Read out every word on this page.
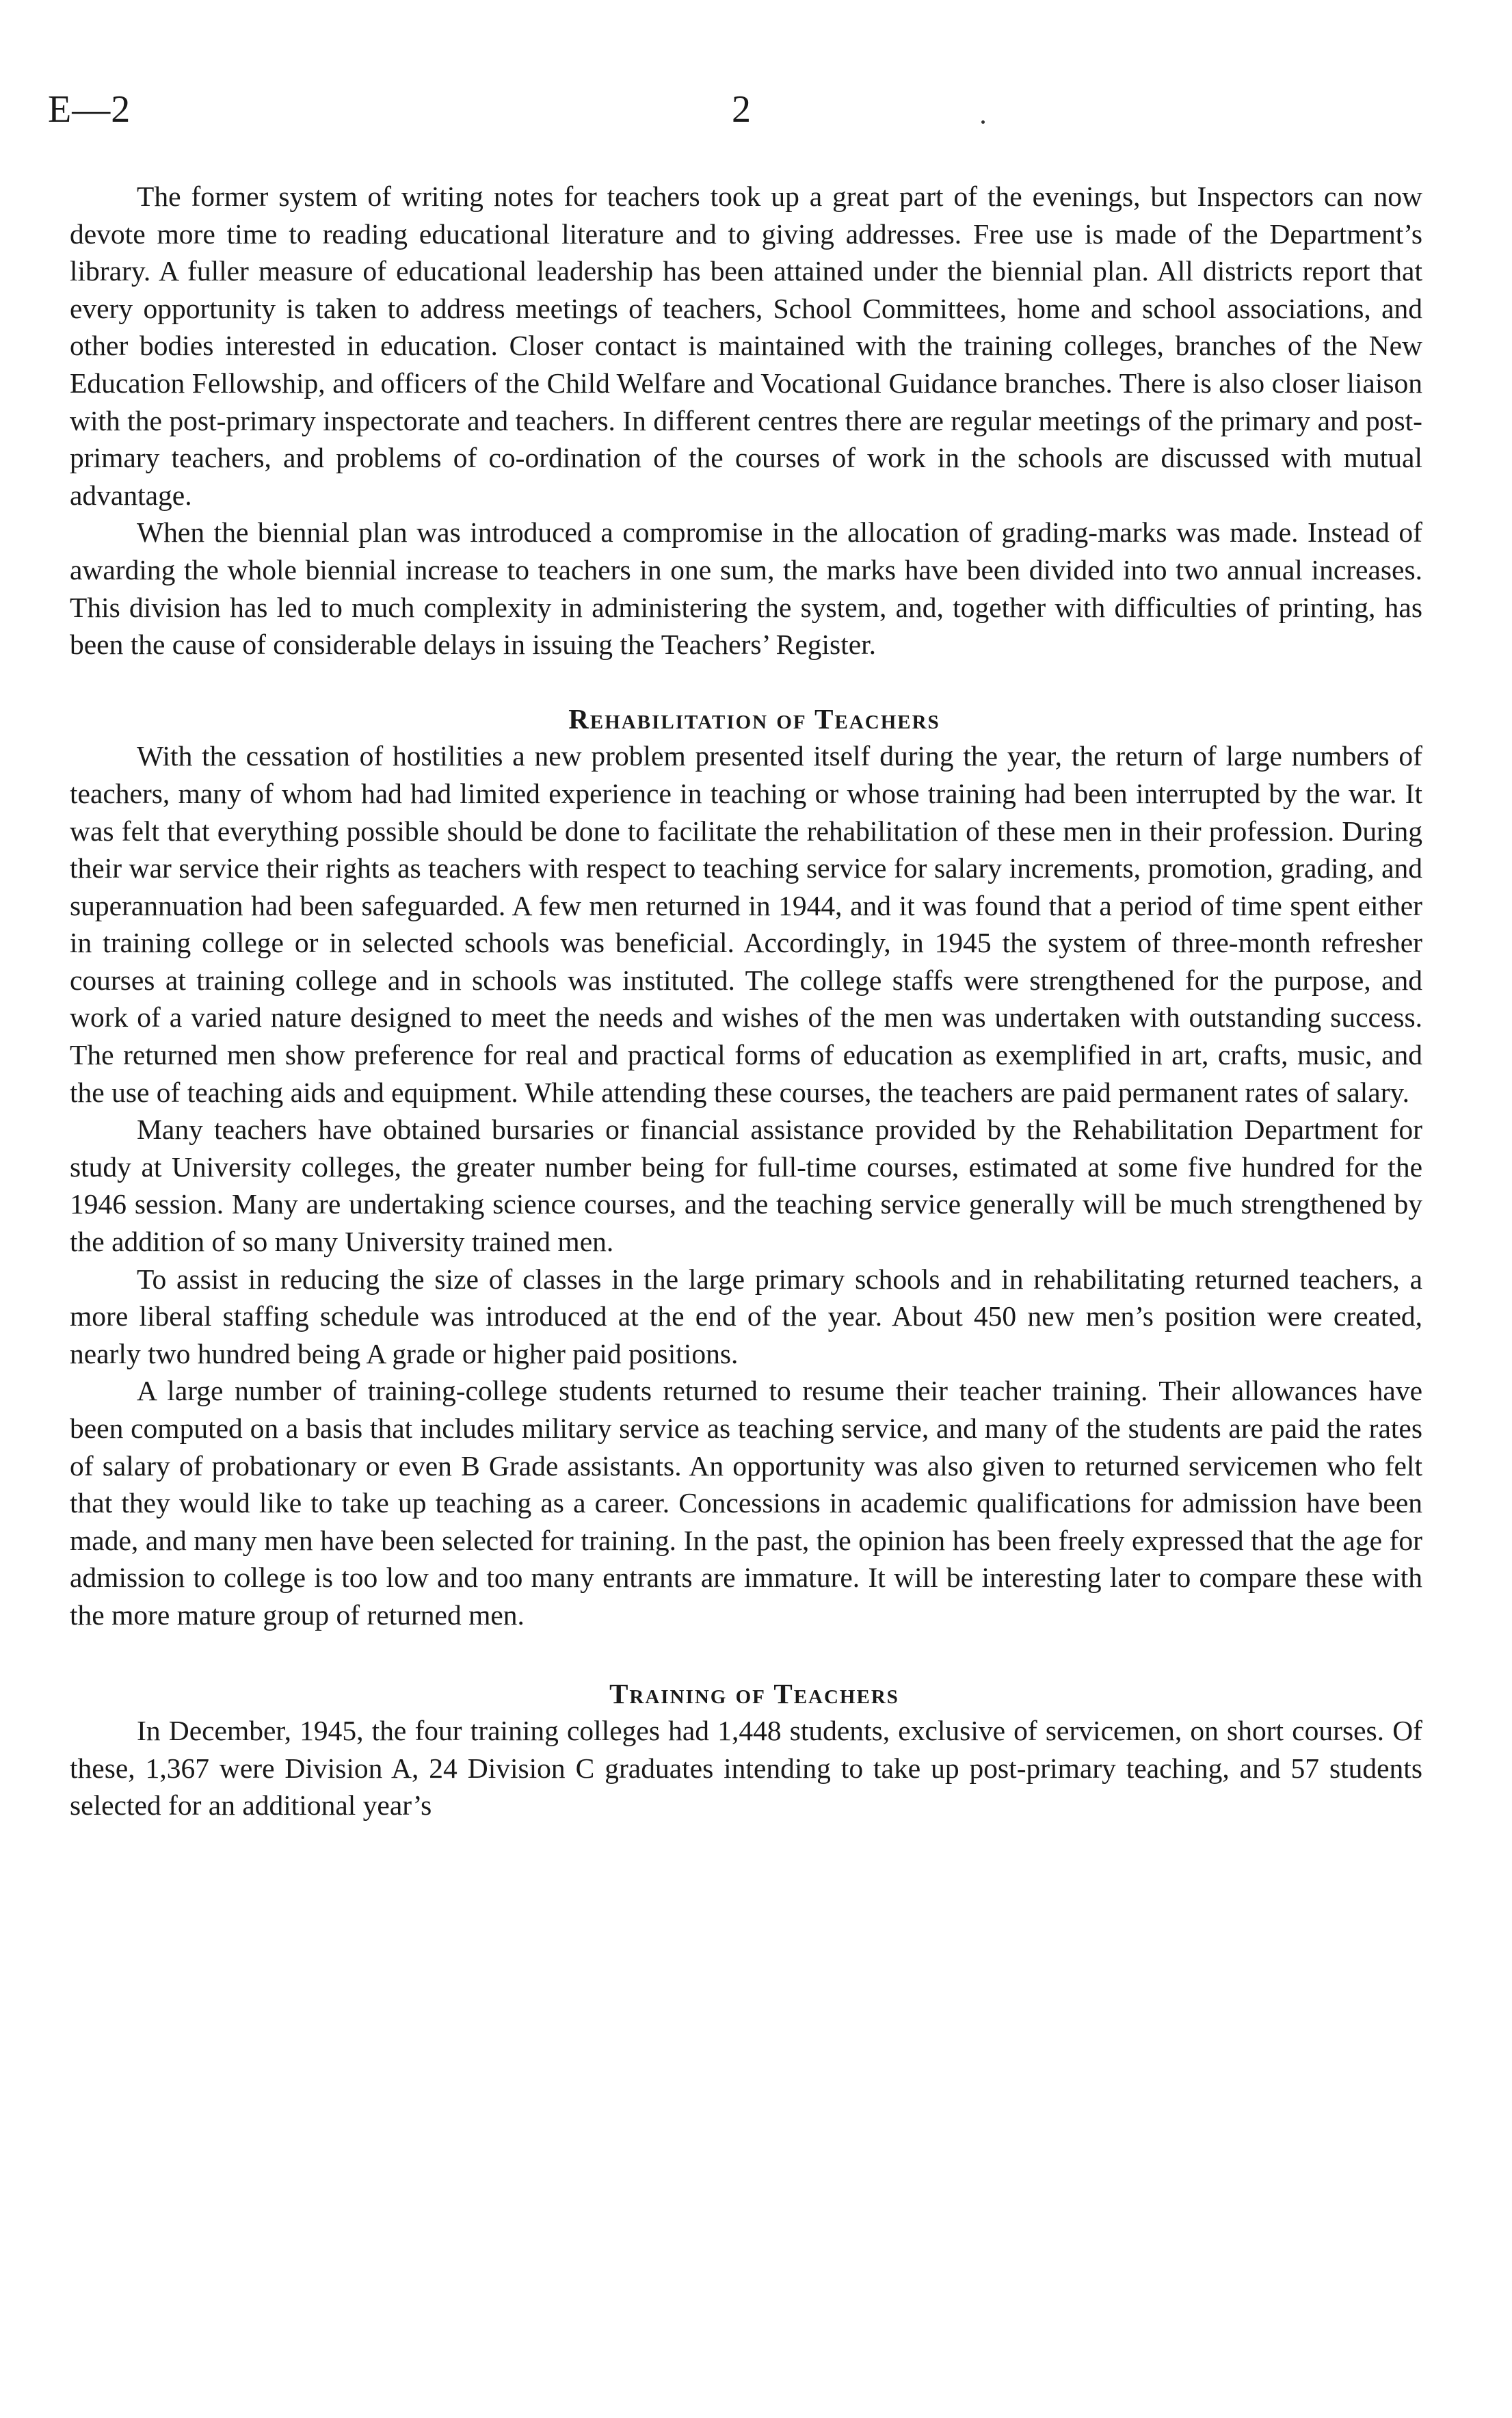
E—2	2

The former system of writing notes for teachers took up a great part of the evenings, but Inspectors can now devote more time to reading educational literature and to giving addresses. Free use is made of the Department’s library. A fuller measure of educational leadership has been attained under the biennial plan. All districts report that every opportunity is taken to address meetings of teachers, School Committees, home and school associations, and other bodies interested in education. Closer contact is maintained with the training colleges, branches of the New Education Fellowship, and officers of the Child Welfare and Vocational Guidance branches. There is also closer liaison with the post-primary inspectorate and teachers. In different centres there are regular meetings of the primary and post-primary teachers, and problems of co-ordination of the courses of work in the schools are discussed with mutual advantage.

When the biennial plan was introduced a compromise in the allocation of grading-marks was made. Instead of awarding the whole biennial increase to teachers in one sum, the marks have been divided into two annual increases. This division has led to much complexity in administering the system, and, together with difficulties of printing, has been the cause of considerable delays in issuing the Teachers’ Register.

Rehabilitation of Teachers

With the cessation of hostilities a new problem presented itself during the year, the return of large numbers of teachers, many of whom had had limited experience in teaching or whose training had been interrupted by the war. It was felt that everything possible should be done to facilitate the rehabilitation of these men in their profession. During their war service their rights as teachers with respect to teaching service for salary increments, promotion, grading, and superannuation had been safeguarded. A few men returned in 1944, and it was found that a period of time spent either in training college or in selected schools was beneficial. Accordingly, in 1945 the system of three-month refresher courses at training college and in schools was instituted. The college staffs were strengthened for the purpose, and work of a varied nature designed to meet the needs and wishes of the men was undertaken with outstanding success. The returned men show preference for real and practical forms of education as exemplified in art, crafts, music, and the use of teaching aids and equipment. While attending these courses, the teachers are paid permanent rates of salary.

Many teachers have obtained bursaries or financial assistance provided by the Rehabilitation Department for study at University colleges, the greater number being for full-time courses, estimated at some five hundred for the 1946 session. Many are undertaking science courses, and the teaching service generally will be much strengthened by the addition of so many University trained men.

To assist in reducing the size of classes in the large primary schools and in rehabilitating returned teachers, a more liberal staffing schedule was introduced at the end of the year. About 450 new men’s position were created, nearly two hundred being A grade or higher paid positions.

A large number of training-college students returned to resume their teacher training. Their allowances have been computed on a basis that includes military service as teaching service, and many of the students are paid the rates of salary of probationary or even B Grade assistants. An opportunity was also given to returned servicemen who felt that they would like to take up teaching as a career. Concessions in academic qualifications for admission have been made, and many men have been selected for training. In the past, the opinion has been freely expressed that the age for admission to college is too low and too many entrants are immature. It will be interesting later to compare these with the more mature group of returned men.

Training of Teachers

In December, 1945, the four training colleges had 1,448 students, exclusive of servicemen, on short courses. Of these, 1,367 were Division A, 24 Division C graduates intending to take up post-primary teaching, and 57 students selected for an additional year’s
